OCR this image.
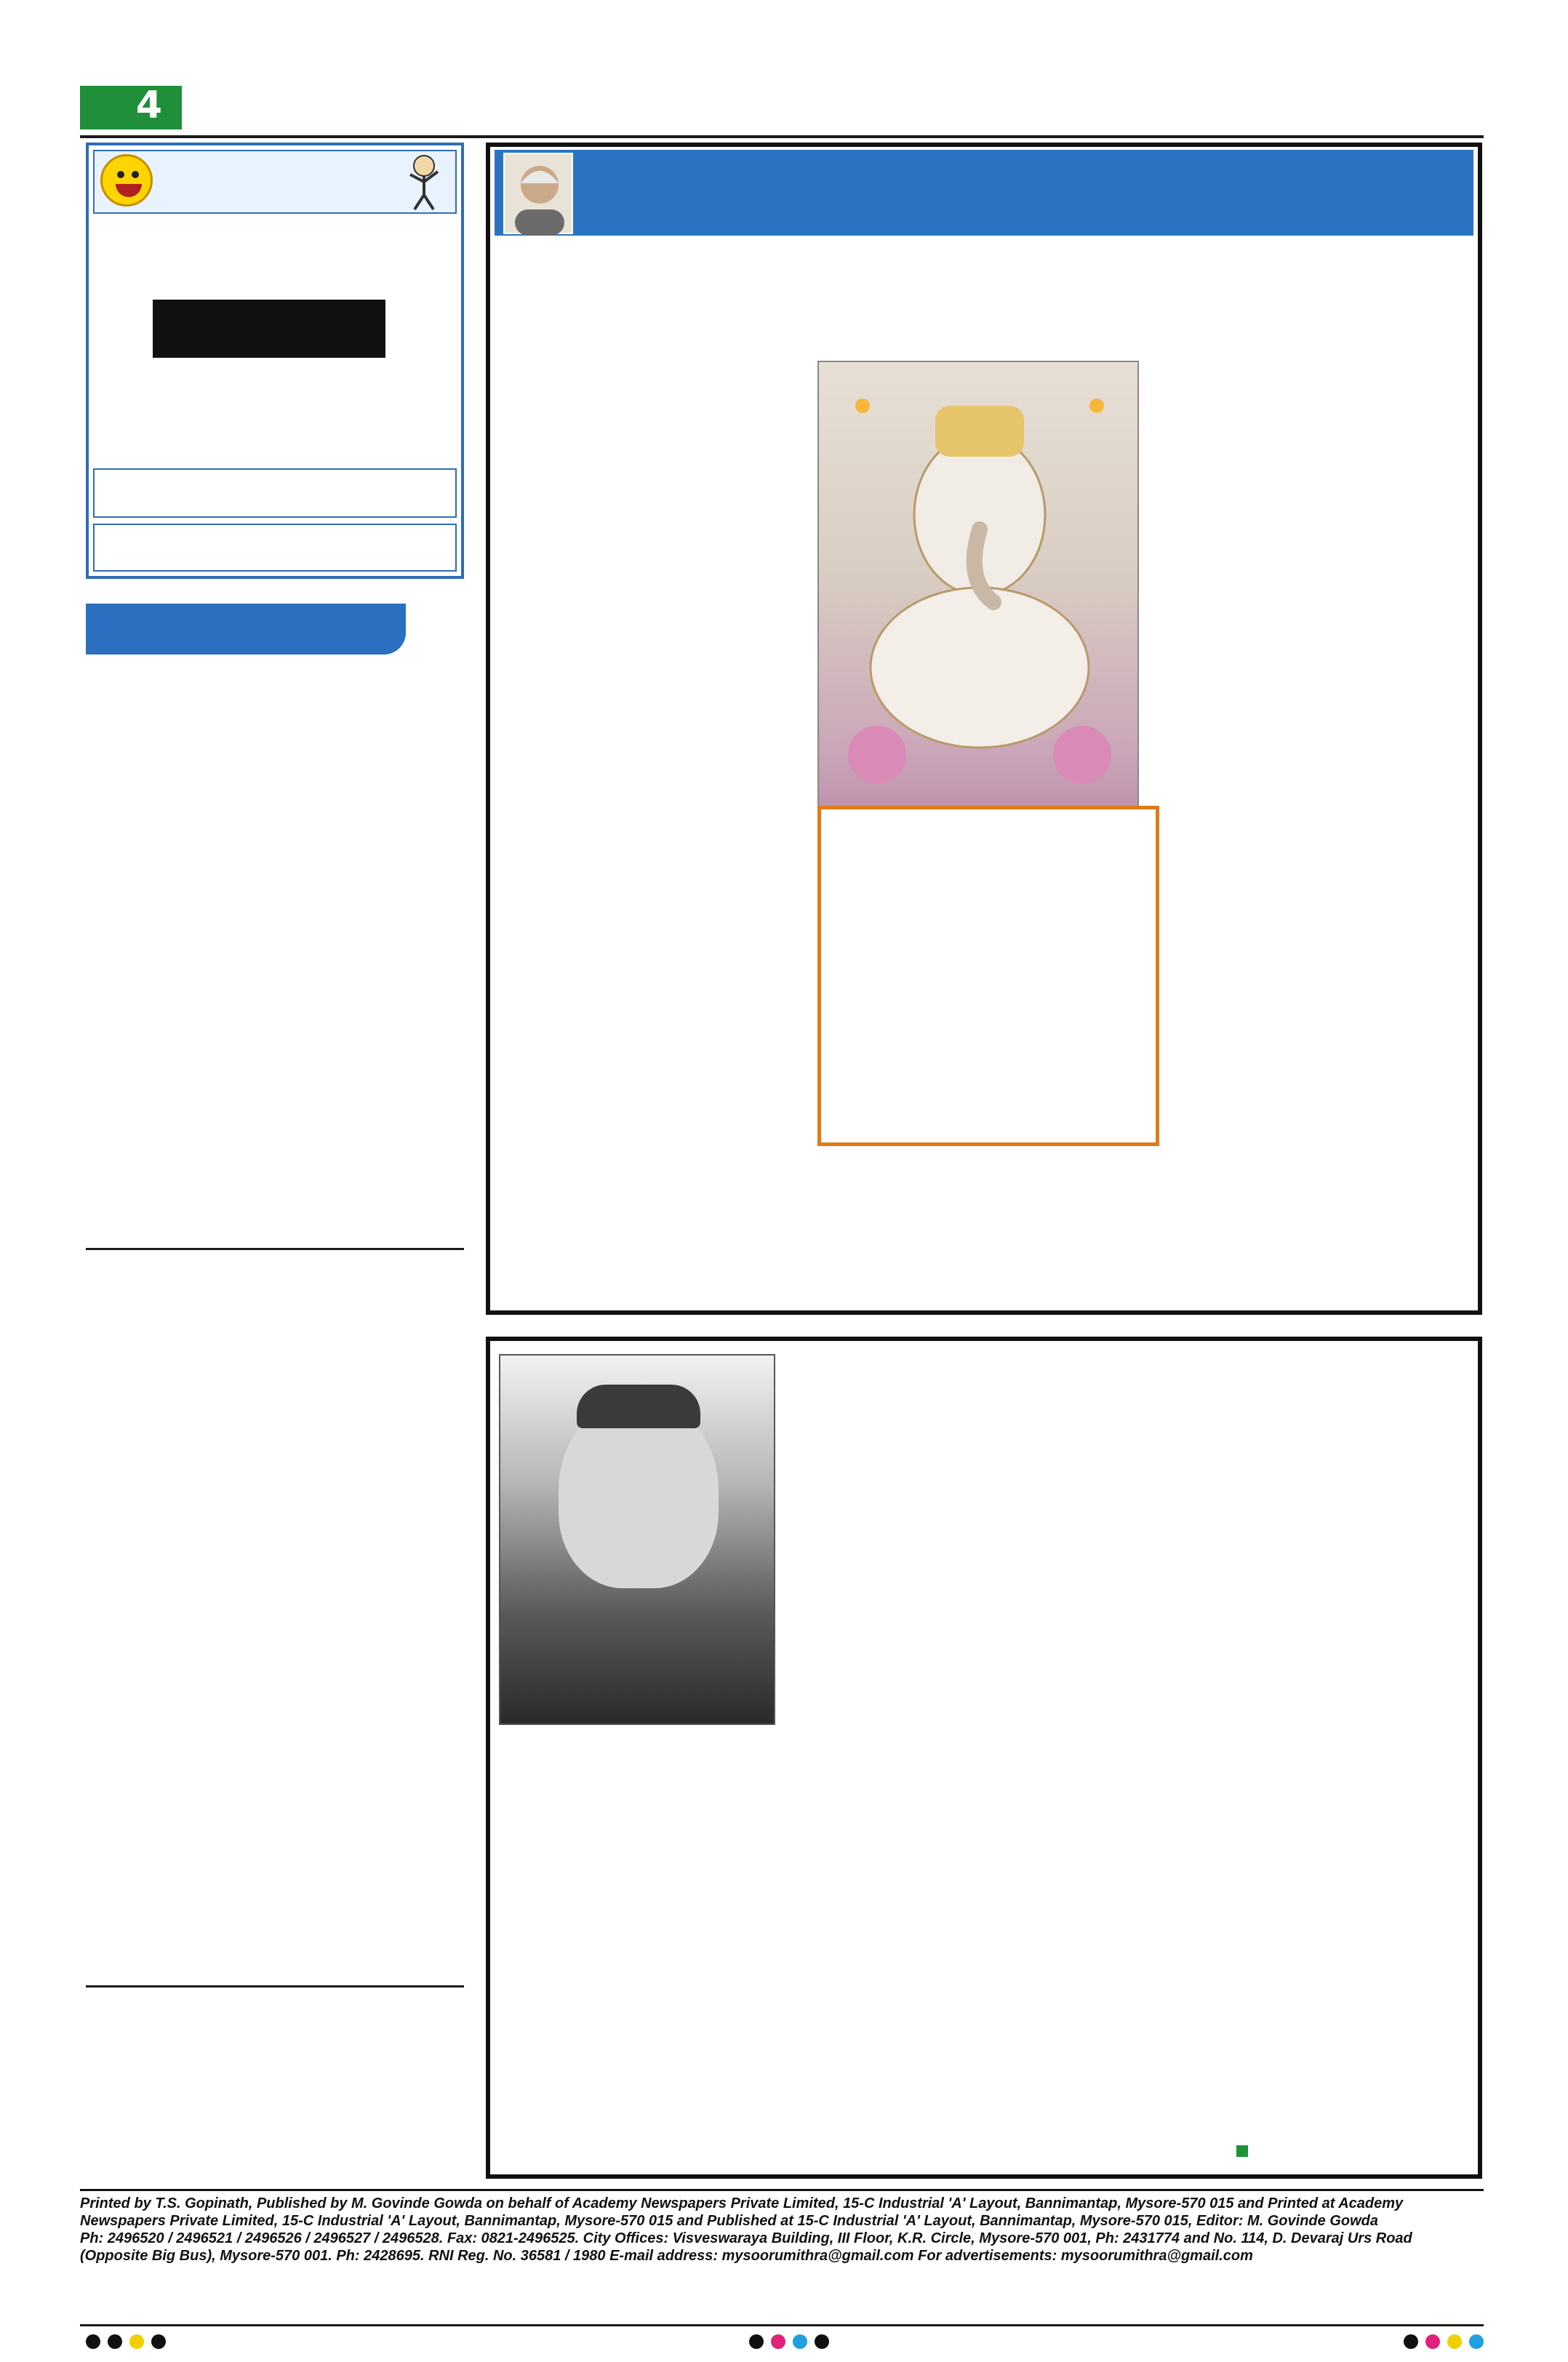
4
Printed by T.S. Gopinath, Published by M. Govinde Gowda on behalf of Academy Newspapers Private Limited, 15-C Industrial 'A' Layout, Bannimantap, Mysore-570 015 and Printed at Academy
Newspapers Private Limited, 15-C Industrial 'A' Layout, Bannimantap, Mysore-570 015 and Published at 15-C Industrial 'A' Layout, Bannimantap, Mysore-570 015, Editor: M. Govinde Gowda
Ph: 2496520 / 2496521 / 2496526 / 2496527 / 2496528. Fax: 0821-2496525. City Offices: Visveswaraya Building, III Floor, K.R. Circle, Mysore-570 001, Ph: 2431774 and No. 114, D. Devaraj Urs Road
(Opposite Big Bus), Mysore-570 001. Ph: 2428695. RNI Reg. No. 36581 / 1980 E-mail address: mysoorumithra@gmail.com For advertisements: mysoorumithra@gmail.com
